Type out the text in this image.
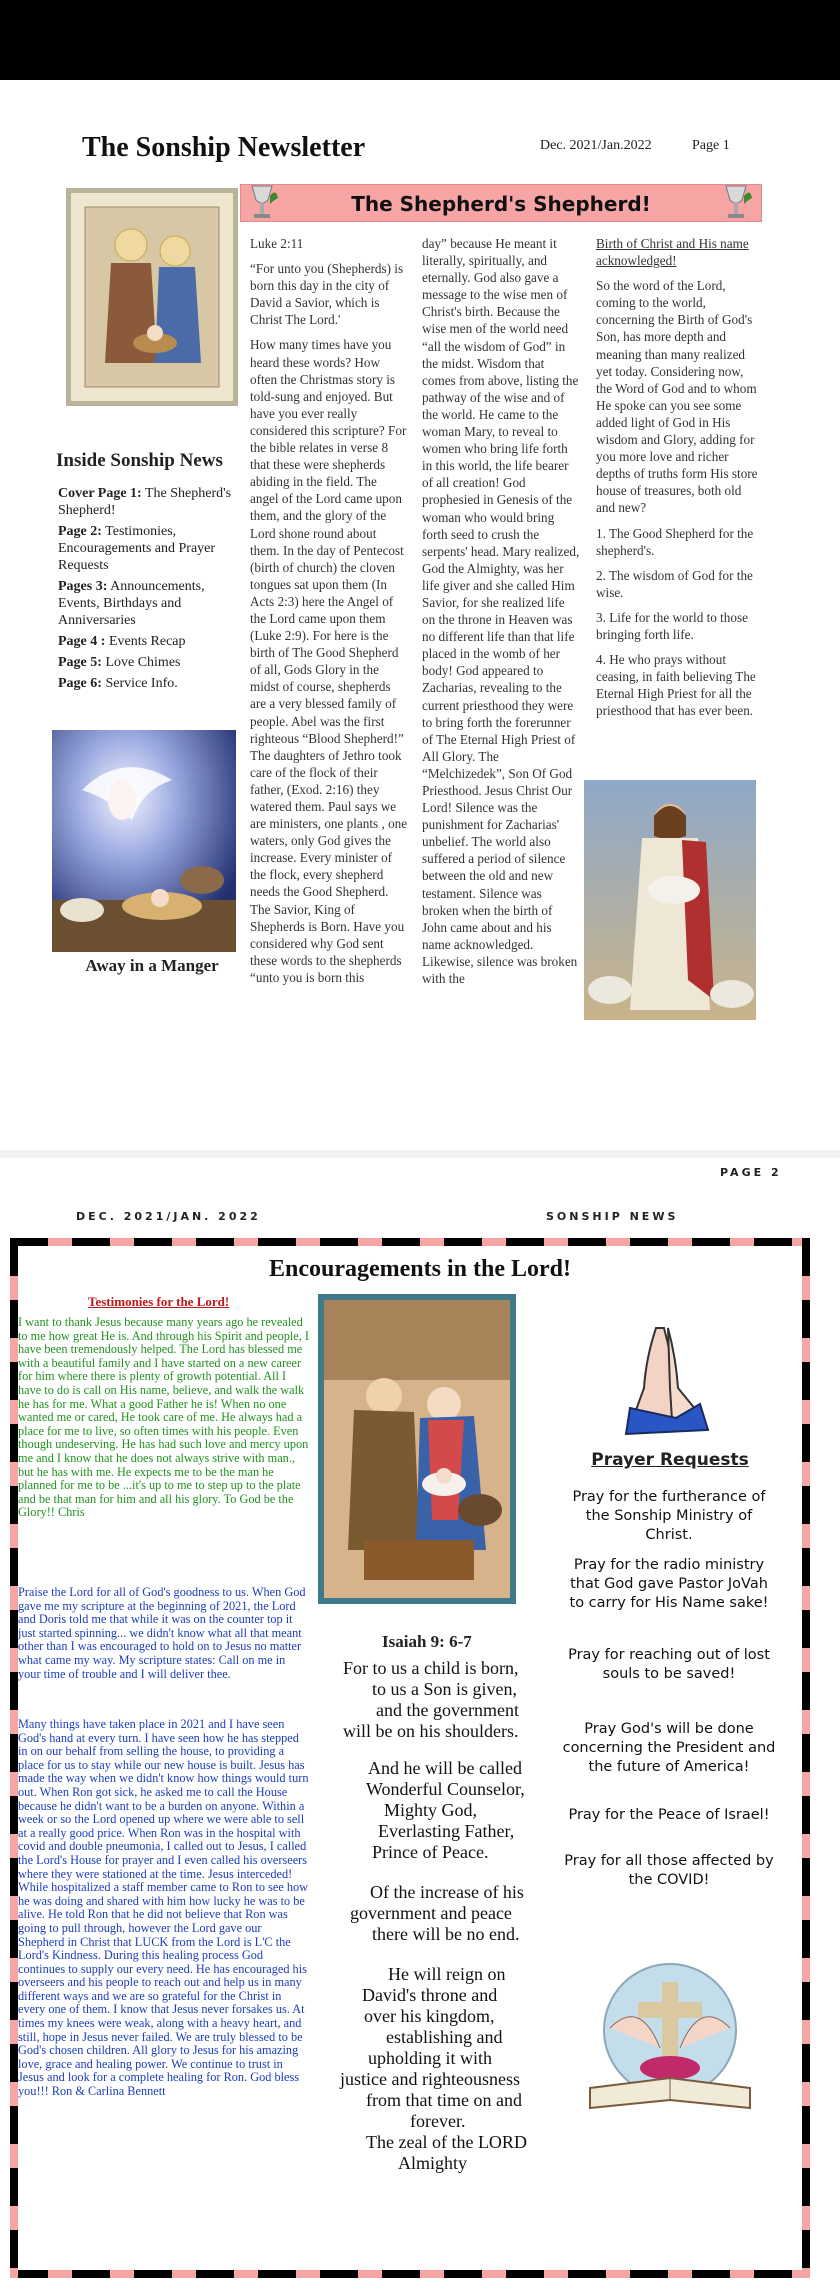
The Sonship Newsletter	Dec. 2021/Jan.2022	Page 1
The Shepherd's Shepherd!
Inside Sonship News
Cover Page 1: The Shepherd's Shepherd!
Page 2: Testimonies, Encouragements and Prayer Requests
Pages 3: Announcements, Events, Birthdays and Anniversaries
Page 4 : Events Recap
Page 5: Love Chimes
Page 6: Service Info.
Away in a Manger

Luke 2:11

“For unto you (Shepherds) is born this day in the city of David a Savior, which is Christ The Lord.'

How many times have you heard these words? How often the Christmas story is told-sung and enjoyed. But have you ever really considered this scripture? For the bible relates in verse 8 that these were shepherds abiding in the field. The angel of the Lord came upon them, and the glory of the Lord shone round about them. In the day of Pentecost (birth of church) the cloven tongues sat upon them (In Acts 2:3) here the Angel of the Lord came upon them (Luke 2:9). For here is the birth of The Good Shepherd of all, Gods Glory in the midst of course, shepherds are a very blessed family of people. Abel was the first righteous “Blood Shepherd!” The daughters of Jethro took care of the flock of their father, (Exod. 2:16) they watered them. Paul says we are ministers, one plants , one waters, only God gives the increase. Every minister of the flock, every shepherd needs the Good Shepherd. The Savior, King of Shepherds is Born. Have you considered why God sent these words to the shepherds “unto you is born this

day” because He meant it literally, spiritually, and eternally. God also gave a message to the wise men of Christ's birth. Because the wise men of the world need “all the wisdom of God” in the midst. Wisdom that comes from above, listing the pathway of the wise and of the world. He came to the woman Mary, to reveal to women who bring life forth in this world, the life bearer of all creation! God prophesied in Genesis of the woman who would bring forth seed to crush the serpents' head. Mary realized, God the Almighty, was her life giver and she called Him Savior, for she realized life on the throne in Heaven was no different life than that life placed in the womb of her body! God appeared to Zacharias, revealing to the current priesthood they were to bring forth the forerunner of The Eternal High Priest of All Glory. The “Melchizedek”, Son Of God Priesthood. Jesus Christ Our Lord! Silence was the punishment for Zacharias' unbelief. The world also suffered a period of silence between the old and new testament. Silence was broken when the birth of John came about and his name acknowledged. Likewise, silence was broken with the

Birth of Christ and His name acknowledged!

So the word of the Lord, coming to the world, concerning the Birth of God's Son, has more depth and meaning than many realized yet today. Considering now, the Word of God and to whom He spoke can you see some added light of God in His wisdom and Glory, adding for you more love and richer depths of truths form His store house of treasures, both old and new?

1. The Good Shepherd for the shepherd's.

2. The wisdom of God for the wise.

3. Life for the world to those bringing forth life.

4. He who prays without ceasing, in faith believing The Eternal High Priest for all the priesthood that has ever been.

PAGE 2
DEC. 2021/JAN. 2022	SONSHIP NEWS
Encouragements in the Lord!
Testimonies for the Lord!
I want to thank Jesus because many years ago he revealed to me how great He is. And through his Spirit and people, I have been tremendously helped. The Lord has blessed me with a beautiful family and I have started on a new career for him where there is plenty of growth potential. All I have to do is call on His name, believe, and walk the walk he has for me. What a good Father he is! When no one wanted me or cared, He took care of me. He always had a place for me to live, so often times with his people. Even though undeserving. He has had such love and mercy upon me and I know that he does not always strive with man., but he has with me. He expects me to be the man he planned for me to be ...it's up to me to step up to the plate and be that man for him and all his glory. To God be the Glory!! Chris
Praise the Lord for all of God's goodness to us. When God gave me my scripture at the beginning of 2021, the Lord and Doris told me that while it was on the counter top it just started spinning... we didn't know what all that meant other than I was encouraged to hold on to Jesus no matter what came my way. My scripture states: Call on me in your time of trouble and I will deliver thee.
Many things have taken place in 2021 and I have seen God's hand at every turn. I have seen how he has stepped in on our behalf from selling the house, to providing a place for us to stay while our new house is built. Jesus has made the way when we didn't know how things would turn out. When Ron got sick, he asked me to call the House because he didn't want to be a burden on anyone. Within a week or so the Lord opened up where we were able to sell at a really good price. When Ron was in the hospital with covid and double pneumonia, I called out to Jesus, I called the Lord's House for prayer and I even called his overseers where they were stationed at the time. Jesus interceded! While hospitalized a staff member came to Ron to see how he was doing and shared with him how lucky he was to be alive. He told Ron that he did not believe that Ron was going to pull through, however the Lord gave our Shepherd in Christ that LUCK from the Lord is L'C the Lord's Kindness. During this healing process God continues to supply our every need. He has encouraged his overseers and his people to reach out and help us in many different ways and we are so grateful for the Christ in every one of them. I know that Jesus never forsakes us. At times my knees were weak, along with a heavy heart, and still, hope in Jesus never failed. We are truly blessed to be God's chosen children. All glory to Jesus for his amazing love, grace and healing power. We continue to trust in Jesus and look for a complete healing for Ron. God bless you!!! Ron & Carlina Bennett
Isaiah 9: 6-7
For to us a child is born,
to us a Son is given,
and the government
will be on his shoulders.
And he will be called
Wonderful Counselor,
Mighty God,
Everlasting Father,
Prince of Peace.
Of the increase of his
government and peace
there will be no end.
He will reign on
David's throne and
over his kingdom,
establishing and
upholding it with
justice and righteousness
from that time on and
forever.
The zeal of the LORD
Almighty
Prayer Requests
Pray for the furtherance of the Sonship Ministry of Christ.
Pray for the radio ministry that God gave Pastor JoVah to carry for His Name sake!
Pray for reaching out of lost souls to be saved!
Pray God's will be done concerning the President and the future of America!
Pray for the Peace of Israel!
Pray for all those affected by the COVID!
